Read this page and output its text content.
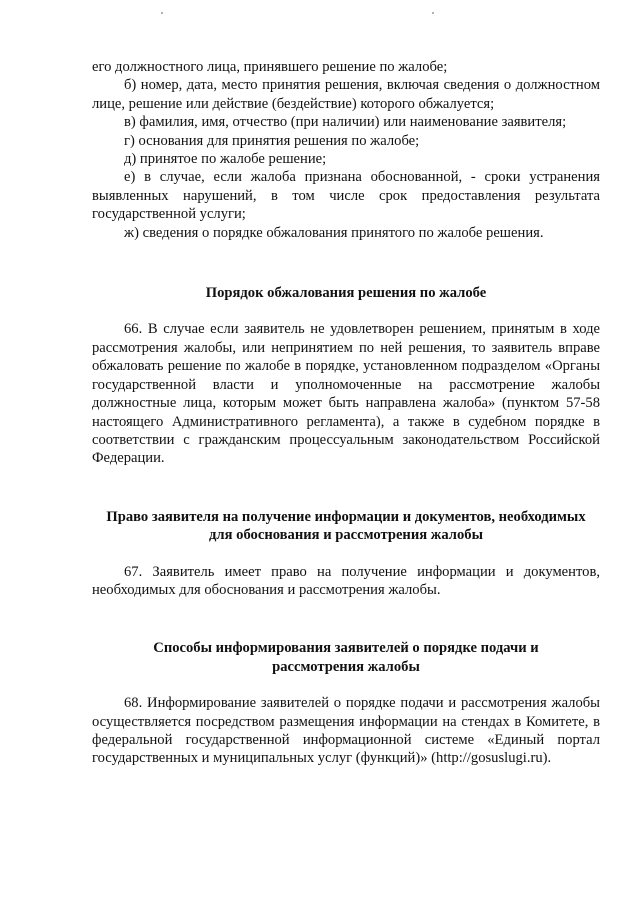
его должностного лица, принявшего решение по жалобе;

б) номер, дата, место принятия решения, включая сведения о должностном лице, решение или действие (бездействие) которого обжалуется;

в) фамилия, имя, отчество (при наличии) или наименование заявителя;

г) основания для принятия решения по жалобе;

д) принятое по жалобе решение;

е) в случае, если жалоба признана обоснованной, - сроки устранения выявленных нарушений, в том числе срок предоставления результата государственной услуги;

ж) сведения о порядке обжалования принятого по жалобе решения.

Порядок обжалования решения по жалобе

66. В случае если заявитель не удовлетворен решением, принятым в ходе рассмотрения жалобы, или непринятием по ней решения, то заявитель вправе обжаловать решение по жалобе в порядке, установленном подразделом «Органы государственной власти и уполномоченные на рассмотрение жалобы должностные лица, которым может быть направлена жалоба» (пунктом 57-58 настоящего Административного регламента), а также в судебном порядке в соответствии с гражданским процессуальным законодательством Российской Федерации.

Право заявителя на получение информации и документов, необходимых
для обоснования и рассмотрения жалобы

67. Заявитель имеет право на получение информации и документов, необходимых для обоснования и рассмотрения жалобы.

Способы информирования заявителей о порядке подачи и
рассмотрения жалобы

68. Информирование заявителей о порядке подачи и рассмотрения жалобы осуществляется посредством размещения информации на стендах в Комитете, в федеральной государственной информационной системе «Единый портал государственных и муниципальных услуг (функций)» (http://gosuslugi.ru).
